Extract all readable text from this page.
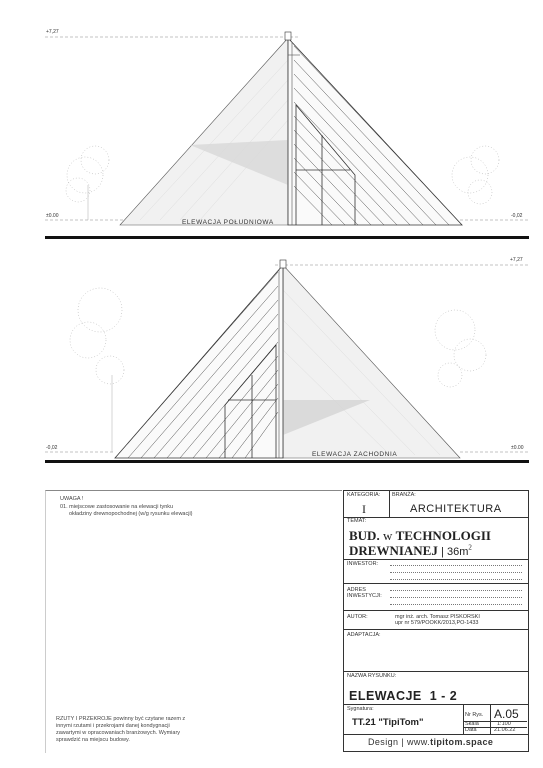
+7,27
±0.00	-0,02
ELEWACJA POŁUDNIOWA
+7,27
-0,02	±0.00
ELEWACJA ZACHODNIA
UWAGA !
01. miejscowe zastosowanie na elewacji tynku
okładziny drewnopochodnej (w/g rysunku elewacji)
RZUTY I PRZEKROJE powinny być czytane razem z
innymi rzutami i przekrojami danej kondygnacji
zawartymi w opracowaniach branżowych. Wymiary
sprawdzić na miejscu budowy.
KATEGORIA: BRANŻA:
I	ARCHITEKTURA
TEMAT:
BUD. w TECHNOLOGII
DREWNIANEJ | $36m^2$
INWESTOR:
ADRES
INWESTYCJI:
AUTOR:	mgr inż. arch. Tomasz PISKORSKI
upr nr 579/POOKK/2013,PO-1433
ADAPTACJA:
NAZWA RYSUNKU:
ELEWACJE  1 - 2
Sygnatura:
TT.21 "TipiTom"
Nr Rys. A.05
Skala	1:100
Data	21.06.22
Design | www.tipitom.space
